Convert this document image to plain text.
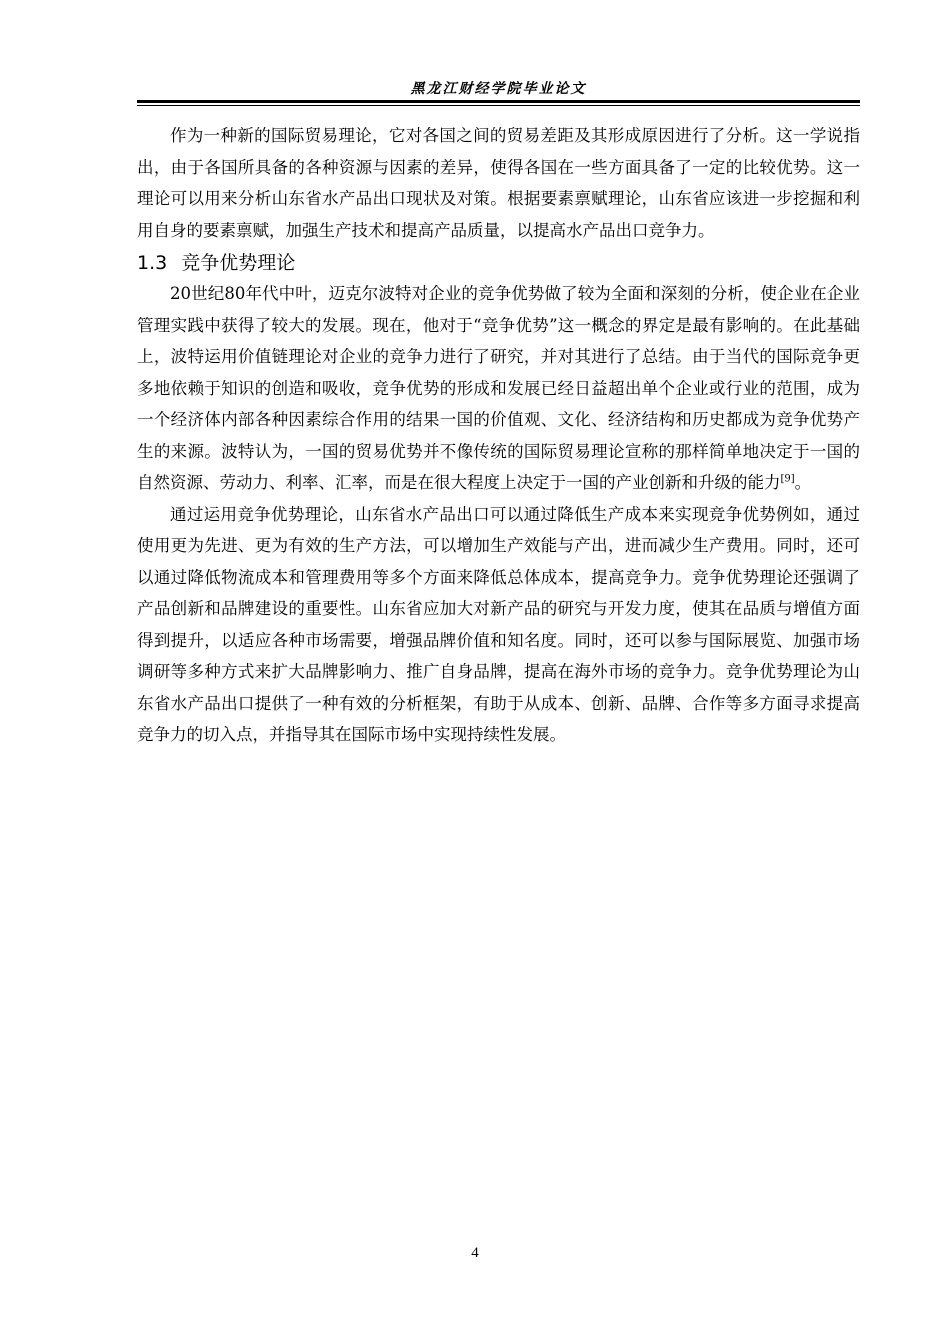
黑龙江财经学院毕业论文

作为一种新的国际贸易理论，它对各国之间的贸易差距及其形成原因进行了分析。这一学说指出，由于各国所具备的各种资源与因素的差异，使得各国在一些方面具备了一定的比较优势。这一理论可以用来分析山东省水产品出口现状及对策。根据要素禀赋理论，山东省应该进一步挖掘和利用自身的要素禀赋，加强生产技术和提高产品质量，以提高水产品出口竞争力。

1.3 竞争优势理论

20世纪80年代中叶，迈克尔波特对企业的竞争优势做了较为全面和深刻的分析，使企业在企业管理实践中获得了较大的发展。现在，他对于“竞争优势”这一概念的界定是最有影响的。在此基础上，波特运用价值链理论对企业的竞争力进行了研究，并对其进行了总结。由于当代的国际竞争更多地依赖于知识的创造和吸收，竞争优势的形成和发展已经日益超出单个企业或行业的范围，成为一个经济体内部各种因素综合作用的结果一国的价值观、文化、经济结构和历史都成为竞争优势产生的来源。波特认为，一国的贸易优势并不像传统的国际贸易理论宣称的那样简单地决定于一国的自然资源、劳动力、利率、汇率，而是在很大程度上决定于一国的产业创新和升级的能力[9]。

通过运用竞争优势理论，山东省水产品出口可以通过降低生产成本来实现竞争优势例如，通过使用更为先进、更为有效的生产方法，可以增加生产效能与产出，进而减少生产费用。同时，还可以通过降低物流成本和管理费用等多个方面来降低总体成本，提高竞争力。竞争优势理论还强调了产品创新和品牌建设的重要性。山东省应加大对新产品的研究与开发力度，使其在品质与增值方面得到提升，以适应各种市场需要，增强品牌价值和知名度。同时，还可以参与国际展览、加强市场调研等多种方式来扩大品牌影响力、推广自身品牌，提高在海外市场的竞争力。竞争优势理论为山东省水产品出口提供了一种有效的分析框架，有助于从成本、创新、品牌、合作等多方面寻求提高竞争力的切入点，并指导其在国际市场中实现持续性发展。

4
